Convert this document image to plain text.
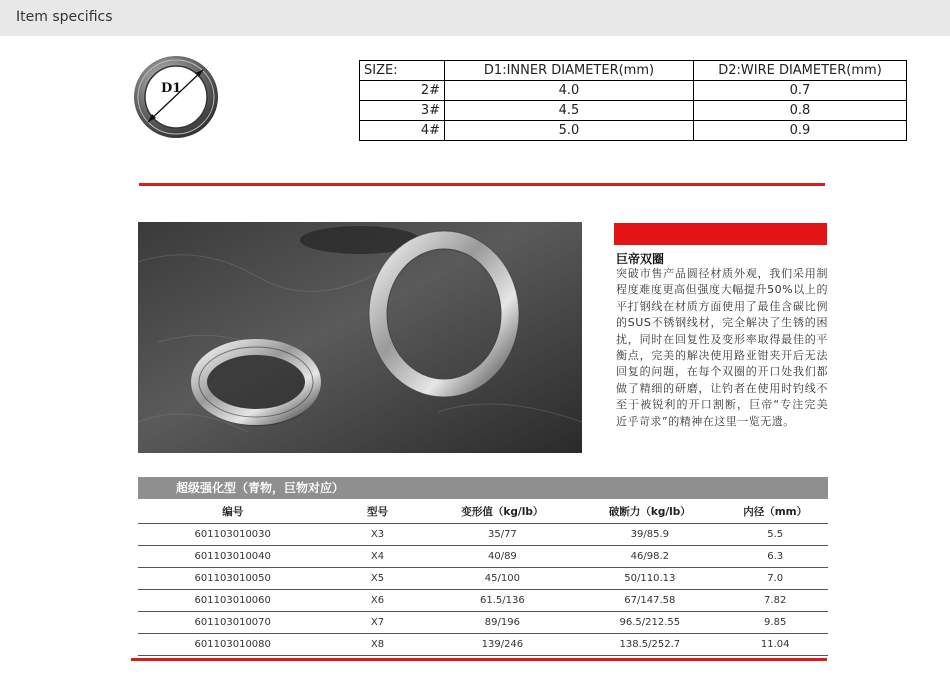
Item specifics
D1
SIZE:	D1:INNER DIAMETER(mm)	D2:WIRE DIAMETER(mm)
2#	4.0	0.7
3#	4.5	0.8
4#	5.0	0.9
巨帝双圈
突破市售产品圆径材质外观，我们采用制程度难度更高但强度大幅提升50%以上的平打钢线在材质方面使用了最佳含碳比例的SUS不锈钢线材，完全解决了生锈的困扰，同时在回复性及变形率取得最佳的平衡点，完美的解决使用路亚钳夹开后无法回复的问题，在每个双圈的开口处我们都做了精细的研磨，让钓者在使用时钓线不至于被锐利的开口割断，巨帝“专注完美近乎苛求”的精神在这里一览无遗。
超级强化型（青物，巨物对应）
编号	型号	变形值（kg/lb）	破断力（kg/lb）	内径（mm）
601103010030	X3	35/77	39/85.9	5.5
601103010040	X4	40/89	46/98.2	6.3
601103010050	X5	45/100	50/110.13	7.0
601103010060	X6	61.5/136	67/147.58	7.82
601103010070	X7	89/196	96.5/212.55	9.85
601103010080	X8	139/246	138.5/252.7	11.04
